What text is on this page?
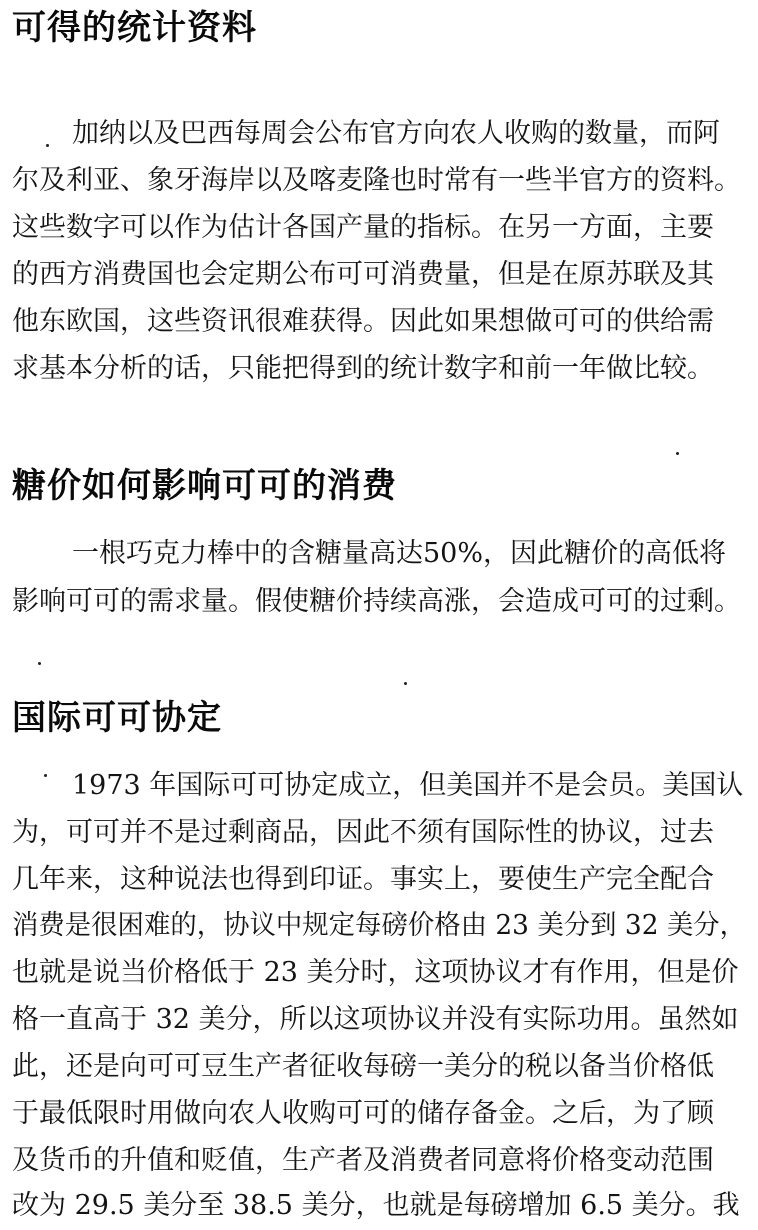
可得的统计资料

加纳以及巴西每周会公布官方向农人收购的数量，而阿

尔及利亚、象牙海岸以及喀麦隆也时常有一些半官方的资料。

这些数字可以作为估计各国产量的指标。在另一方面，主要

的西方消费国也会定期公布可可消费量，但是在原苏联及其

他东欧国，这些资讯很难获得。因此如果想做可可的供给需

求基本分析的话，只能把得到的统计数字和前一年做比较。

糖价如何影响可可的消费

一根巧克力棒中的含糖量高达50%，因此糖价的高低将

影响可可的需求量。假使糖价持续高涨，会造成可可的过剩。

国际可可协定

1973 年国际可可协定成立，但美国并不是会员。美国认

为，可可并不是过剩商品，因此不须有国际性的协议，过去

几年来，这种说法也得到印证。事实上，要使生产完全配合

消费是很困难的，协议中规定每磅价格由 23 美分到 32 美分，

也就是说当价格低于 23 美分时，这项协议才有作用，但是价

格一直高于 32 美分，所以这项协议并没有实际功用。虽然如

此，还是向可可豆生产者征收每磅一美分的税以备当价格低

于最低限时用做向农人收购可可的储存备金。之后，为了顾

及货币的升值和贬值，生产者及消费者同意将价格变动范围

改为 29.5 美分至 38.5 美分，也就是每磅增加 6.5 美分。我
